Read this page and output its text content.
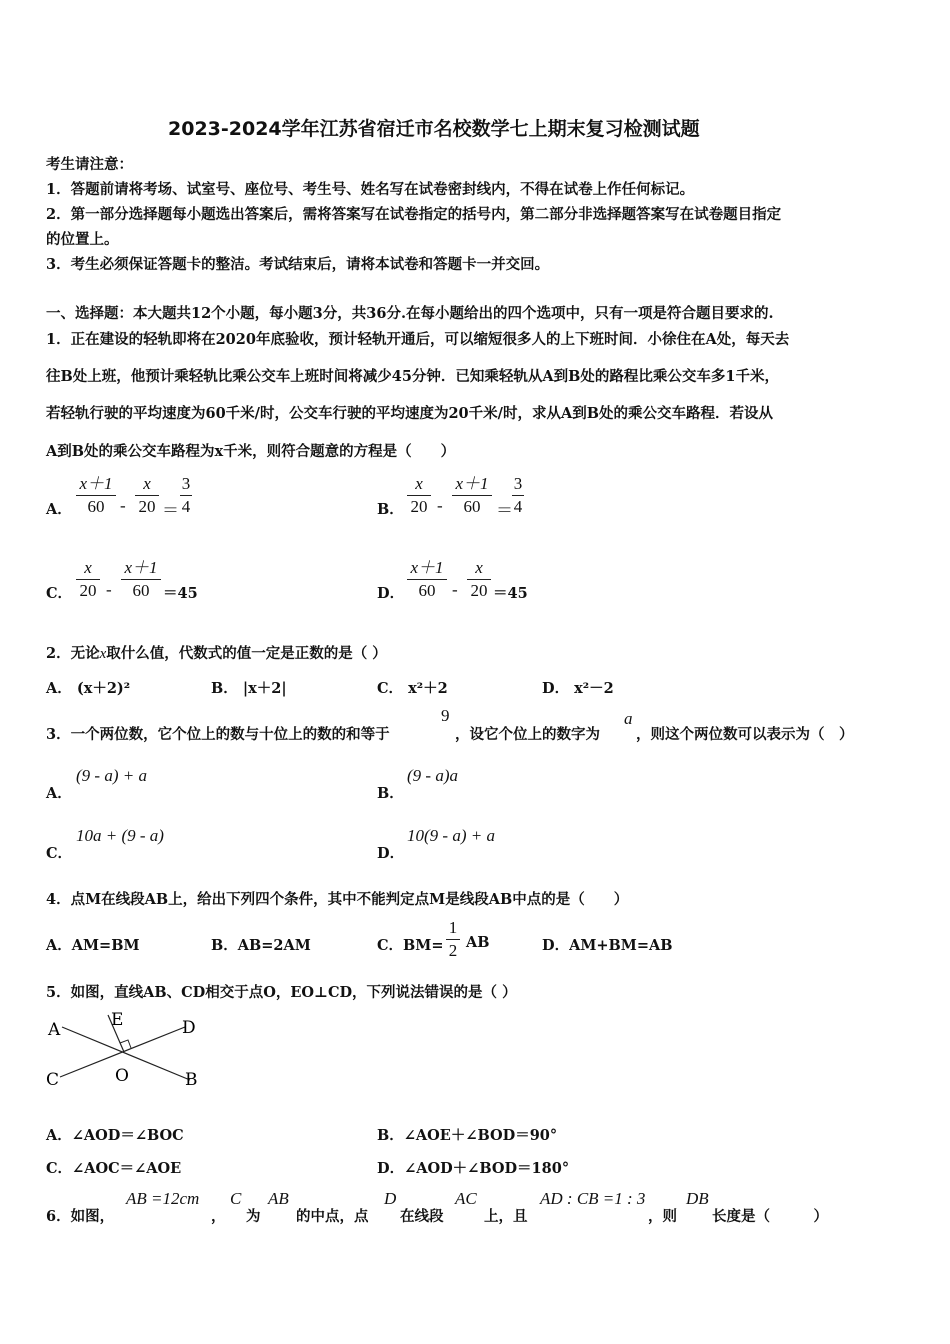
2023-2024学年江苏省宿迁市名校数学七上期末复习检测试题
考生请注意：
1．答题前请将考场、试室号、座位号、考生号、姓名写在试卷密封线内，不得在试卷上作任何标记。
2．第一部分选择题每小题选出答案后，需将答案写在试卷指定的括号内，第二部分非选择题答案写在试卷题目指定
的位置上。
3．考生必须保证答题卡的整洁。考试结束后，请将本试卷和答题卡一并交回。
一、选择题：本大题共12个小题，每小题3分，共36分.在每小题给出的四个选项中，只有一项是符合题目要求的.
1．正在建设的轻轨即将在2020年底验收，预计轻轨开通后，可以缩短很多人的上下班时间．小徐住在A处，每天去
往B处上班，他预计乘轻轨比乘公交车上班时间将减少45分钟．已知乘轻轨从A到B处的路程比乘公交车多1千米，
若轻轨行驶的平均速度为60千米/时，公交车行驶的平均速度为20千米/时，求从A到B处的乘公交车路程．若设从
A到B处的乘公交车路程为x千米，则符合题意的方程是（　　）
A．
x＋1
60 -
x
20 ＝
3
4	B．
x
20 -
x＋1
60 ＝
3
4
C．
x
20 -
x＋1
60 ＝45	D．
x＋1
60 -
x
20 ＝45
2．无论x取什么值，代数式的值一定是正数的是（ ）
A． (x＋2)²	B． |x＋2|	C． x²＋2	D． x²－2
3．一个两位数，它个位上的数与十位上的数的和等于
9
，设它个位上的数字为
a
，则这个两位数可以表示为（　）
A．
(9 - a) + a
B．
(9 - a)a
C．
10a + (9 - a)
D．
10(9 - a) + a
4．点M在线段AB上，给出下列四个条件，其中不能判定点M是线段AB中点的是（　　）
A．AM=BM	B．AB=2AM	C．BM=
1
2 AB	D．AM+BM=AB
5．如图，直线AB、CD相交于点O，EO⊥CD，下列说法错误的是（ ）
A
B
C
D
E
O
A．∠AOD＝∠BOC	B．∠AOE＋∠BOD＝90°
C．∠AOC＝∠AOE	D．∠AOD＋∠BOD＝180°
6．如图，
AB =12cm
，
C
为
AB
的中点，点
D
在线段
AC
上，且
AD : CB =1 : 3
，则
DB
长度是（　　　）
